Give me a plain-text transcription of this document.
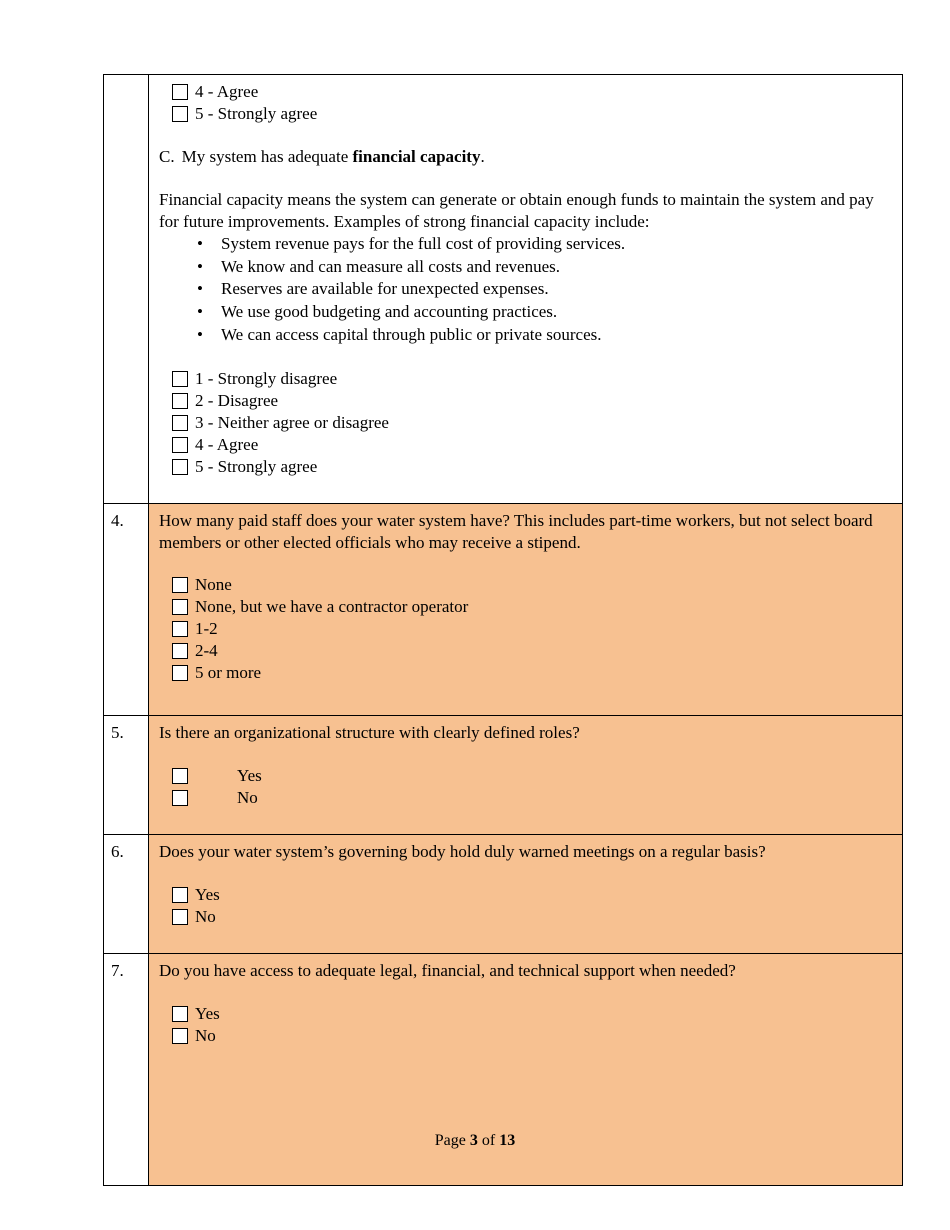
4 - Agree
5 - Strongly agree

C. My system has adequate financial capacity.

Financial capacity means the system can generate or obtain enough funds to maintain the system and pay for future improvements. Examples of strong financial capacity include:

• System revenue pays for the full cost of providing services.
• We know and can measure all costs and revenues.
• Reserves are available for unexpected expenses.
• We use good budgeting and accounting practices.
• We can access capital through public or private sources.
1 - Strongly disagree
2 - Disagree
3 - Neither agree or disagree
4 - Agree
5 - Strongly agree

4.	How many paid staff does your water system have? This includes part-time workers, but not select board members or other elected officials who may receive a stipend.

None
None, but we have a contractor operator
1-2
2-4
5 or more

5.	Is there an organizational structure with clearly defined roles?

Yes
No

6.	Does your water system’s governing body hold duly warned meetings on a regular basis?

Yes
No

7.	Do you have access to adequate legal, financial, and technical support when needed?

Yes
No
Page 3 of 13
